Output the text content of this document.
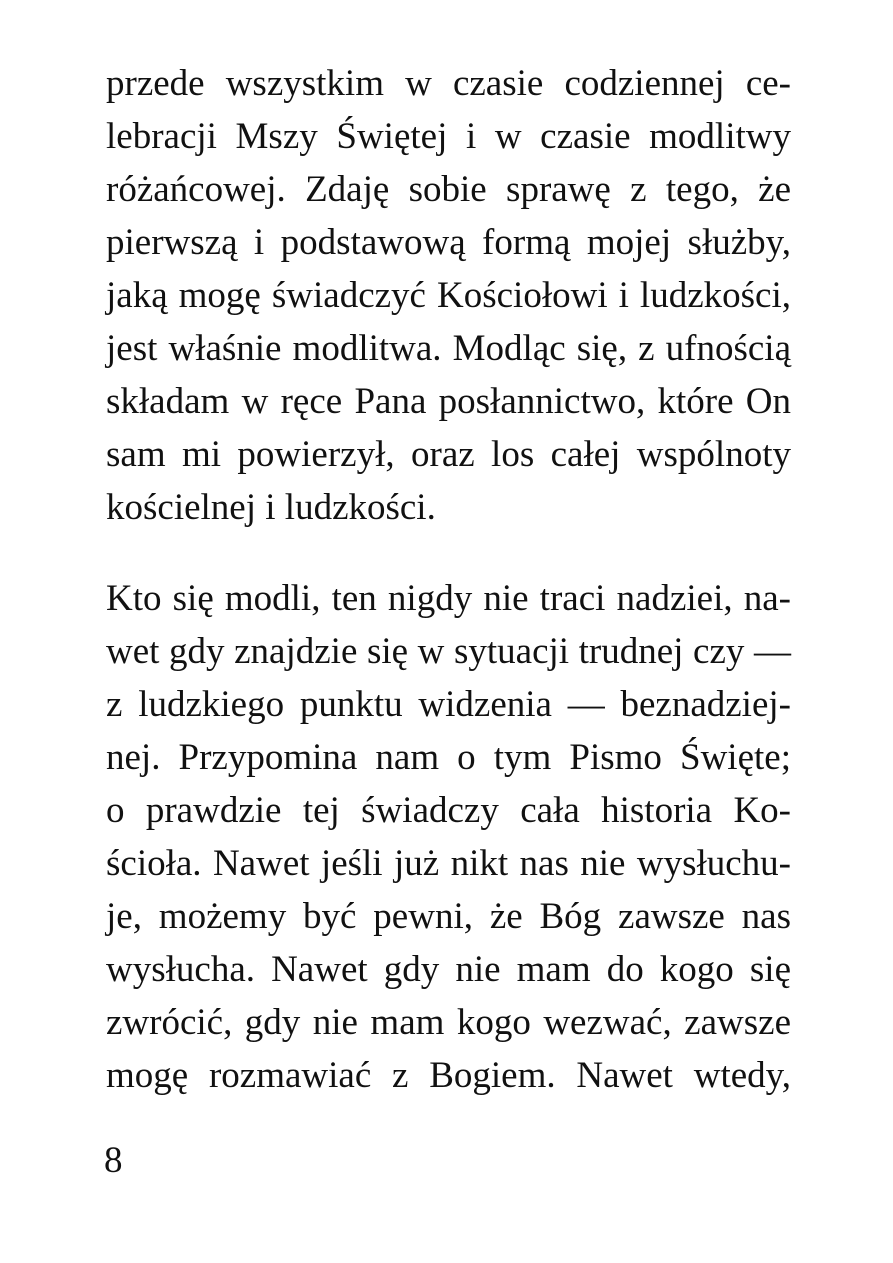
przede wszystkim w czasie codziennej ce-
lebracji Mszy Świętej i w czasie modlitwy
różańcowej. Zdaję sobie sprawę z tego, że
pierwszą i podstawową formą mojej służby,
jaką mogę świadczyć Kościołowi i ludzkości,
jest właśnie modlitwa. Modląc się, z ufnością
składam w ręce Pana posłannictwo, które On
sam mi powierzył, oraz los całej wspólnoty
kościelnej i ludzkości.
Kto się modli, ten nigdy nie traci nadziei, na-
wet gdy znajdzie się w sytuacji trudnej czy —
z ludzkiego punktu widzenia — beznadziej-
nej. Przypomina nam o tym Pismo Święte;
o prawdzie tej świadczy cała historia Ko-
ścioła. Nawet jeśli już nikt nas nie wysłuchu-
je, możemy być pewni, że Bóg zawsze nas
wysłucha. Nawet gdy nie mam do kogo się
zwrócić, gdy nie mam kogo wezwać, zawsze
mogę rozmawiać z Bogiem. Nawet wtedy,
8
